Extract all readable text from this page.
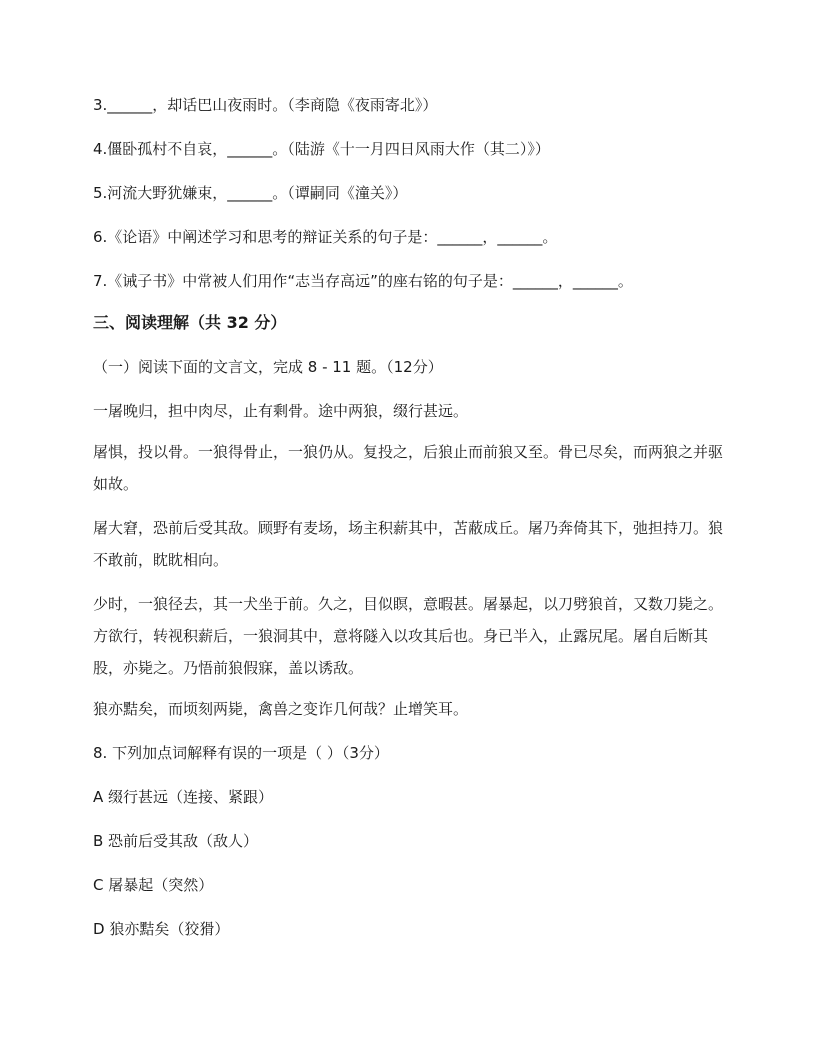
3.______，却话巴山夜雨时。（李商隐《夜雨寄北》）

4.僵卧孤村不自哀，______。（陆游《十一月四日风雨大作（其二）》）

5.河流大野犹嫌束，______。（谭嗣同《潼关》）

6.《论语》中阐述学习和思考的辩证关系的句子是：______，______。

7.《诫子书》中常被人们用作“志当存高远”的座右铭的句子是：______，______。

三、阅读理解（共 32 分）

（一）阅读下面的文言文，完成 8 - 11 题。（12分）

一屠晚归，担中肉尽，止有剩骨。途中两狼，缀行甚远。

屠惧，投以骨。一狼得骨止，一狼仍从。复投之，后狼止而前狼又至。骨已尽矣，而两狼之并驱如故。

屠大窘，恐前后受其敌。顾野有麦场，场主积薪其中，苫蔽成丘。屠乃奔倚其下，弛担持刀。狼不敢前，眈眈相向。

少时，一狼径去，其一犬坐于前。久之，目似瞑，意暇甚。屠暴起，以刀劈狼首，又数刀毙之。方欲行，转视积薪后，一狼洞其中，意将隧入以攻其后也。身已半入，止露尻尾。屠自后断其股，亦毙之。乃悟前狼假寐，盖以诱敌。

狼亦黠矣，而顷刻两毙，禽兽之变诈几何哉？止增笑耳。

8. 下列加点词解释有误的一项是（ ）（3分）

A 缀行甚远（连接、紧跟）

B 恐前后受其敌（敌人）

C 屠暴起（突然）

D 狼亦黠矣（狡猾）
